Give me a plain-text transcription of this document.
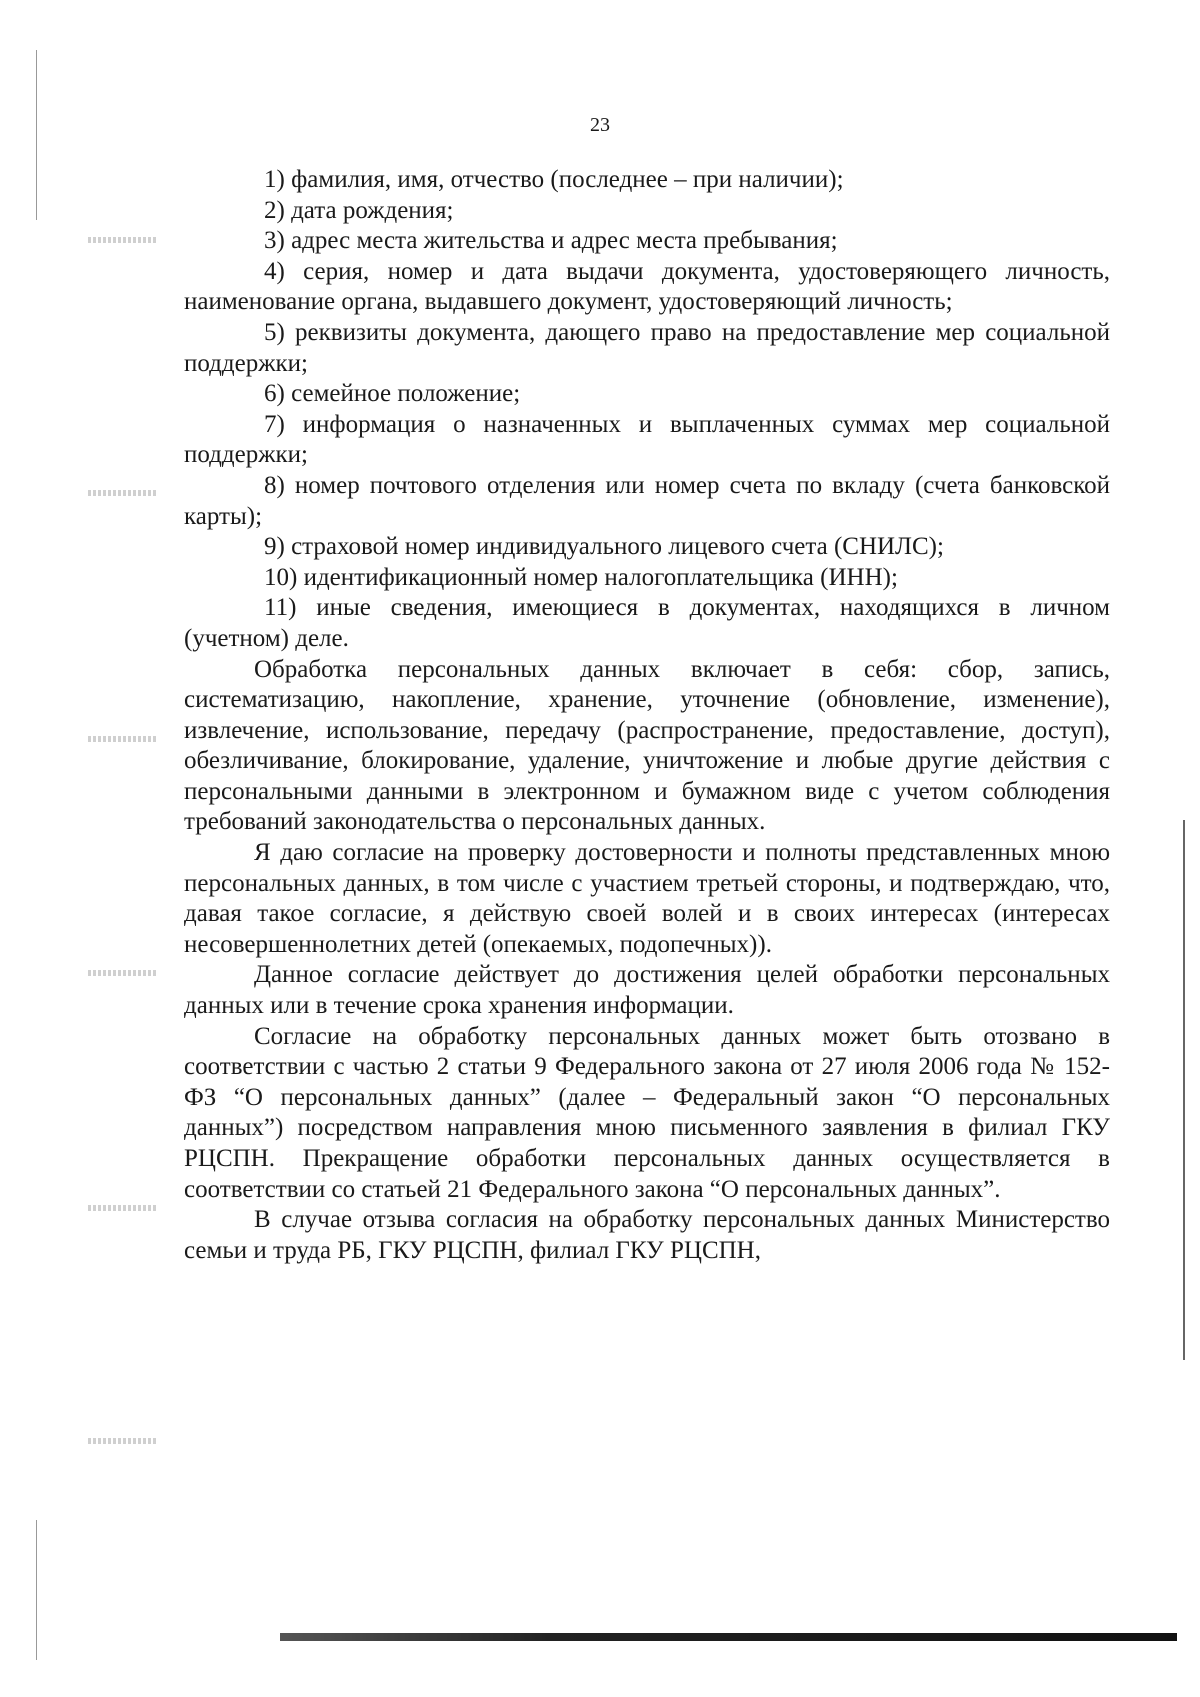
23

1) фамилия, имя, отчество (последнее – при наличии);

2) дата рождения;

3) адрес места жительства и адрес места пребывания;

4) серия, номер и дата выдачи документа, удостоверяющего личность, наименование органа, выдавшего документ, удостоверяющий личность;

5) реквизиты документа, дающего право на предоставление мер социальной поддержки;

6) семейное положение;

7) информация о назначенных и выплаченных суммах мер социальной поддержки;

8) номер почтового отделения или номер счета по вкладу (счета банковской карты);

9) страховой номер индивидуального лицевого счета (СНИЛС);

10) идентификационный номер налогоплательщика (ИНН);

11) иные сведения, имеющиеся в документах, находящихся в личном (учетном) деле.

Обработка персональных данных включает в себя: сбор, запись, систематизацию, накопление, хранение, уточнение (обновление, изменение), извлечение, использование, передачу (распространение, предоставление, доступ), обезличивание, блокирование, удаление, уничтожение и любые другие действия с персональными данными в электронном и бумажном виде с учетом соблюдения требований законодательства о персональных данных.

Я даю согласие на проверку достоверности и полноты представленных мною персональных данных, в том числе с участием третьей стороны, и подтверждаю, что, давая такое согласие, я действую своей волей и в своих интересах (интересах несовершеннолетних детей (опекаемых, подопечных)).

Данное согласие действует до достижения целей обработки персональных данных или в течение срока хранения информации.

Согласие на обработку персональных данных может быть отозвано в соответствии с частью 2 статьи 9 Федерального закона от 27 июля 2006 года № 152-ФЗ “О персональных данных” (далее – Федеральный закон “О персональных данных”) посредством направления мною письменного заявления в филиал ГКУ РЦСПН. Прекращение обработки персональных данных осуществляется в соответствии со статьей 21 Федерального закона “О персональных данных”.

В случае отзыва согласия на обработку персональных данных Министерство семьи и труда РБ, ГКУ РЦСПН, филиал ГКУ РЦСПН,
